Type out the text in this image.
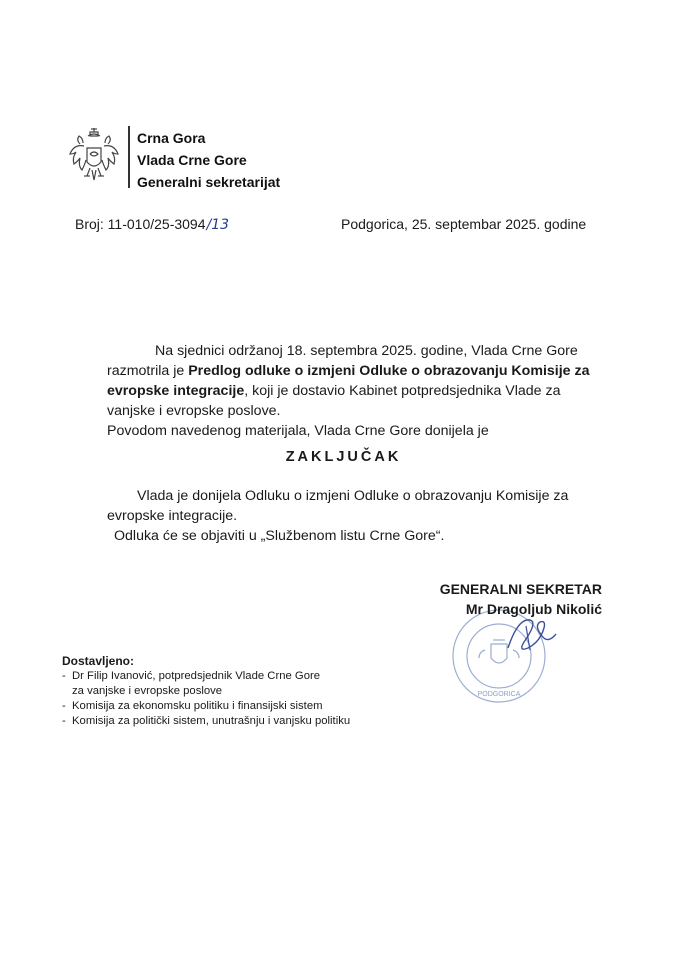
Crna Gora
Vlada Crne Gore
Generalni sekretarijat
Broj: 11-010/25-3094/13	Podgorica, 25. septembar 2025. godine
Na sjednici održanoj 18. septembra 2025. godine, Vlada Crne Gore razmotrila je Predlog odluke o izmjeni Odluke o obrazovanju Komisije za evropske integracije, koji je dostavio Kabinet potpredsjednika Vlade za vanjske i evropske poslove.
Povodom navedenog materijala, Vlada Crne Gore donijela je
ZAKLJUČAK
Vlada je donijela Odluku o izmjeni Odluke o obrazovanju Komisije za evropske integracije.
Odluka će se objaviti u „Službenom listu Crne Gore“.
PODGORICA
GENERALNI SEKRETAR
Mr Dragoljub Nikolić
Dostavljeno:
- Dr Filip Ivanović, potpredsjednik Vlade Crne Gore
za vanjske i evropske poslove
- Komisija za ekonomsku politiku i finansijski sistem
- Komisija za politički sistem, unutrašnju i vanjsku politiku
